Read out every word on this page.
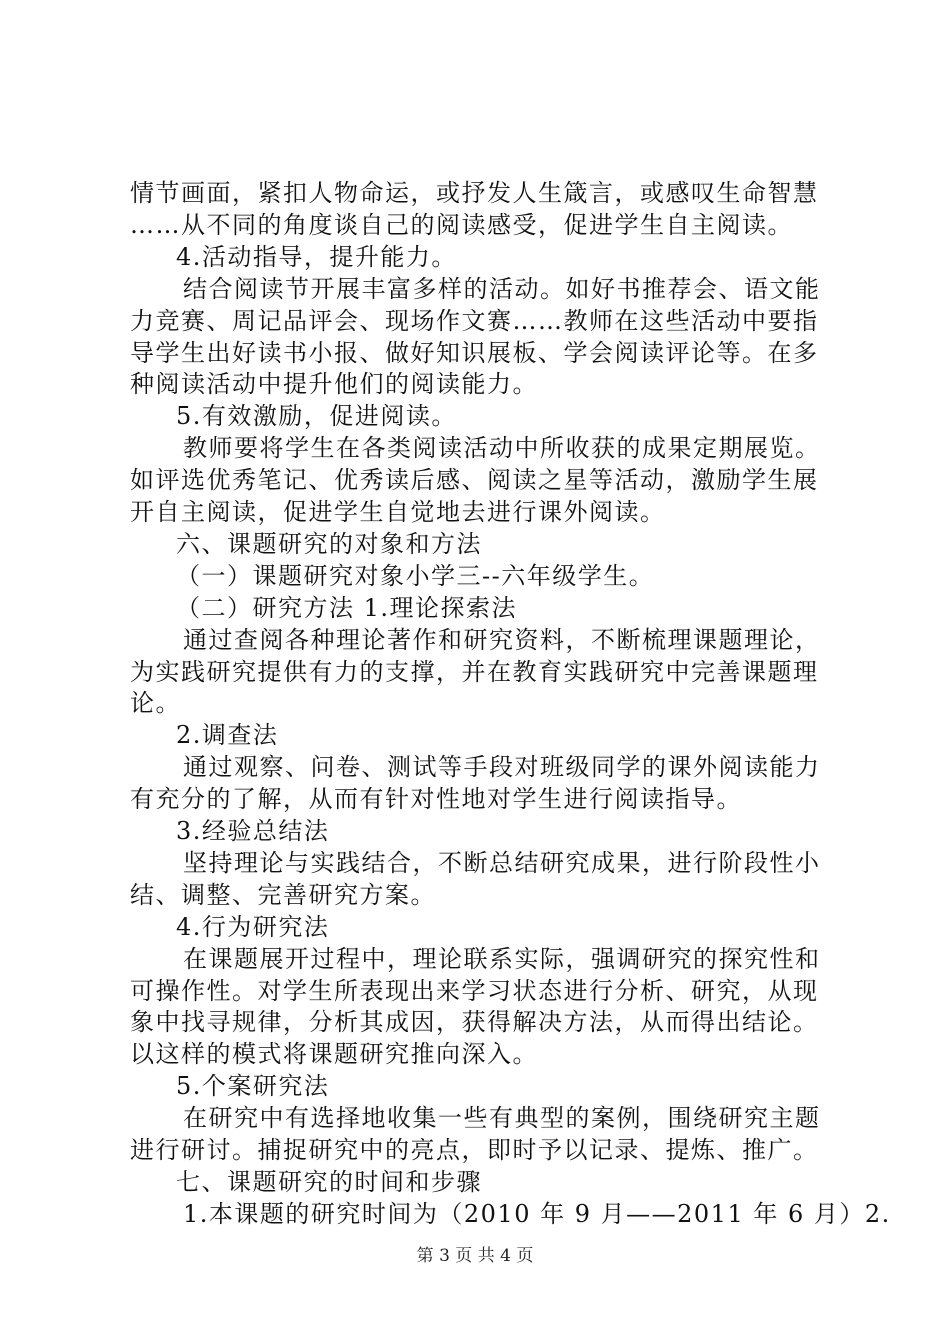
情节画面，紧扣人物命运，或抒发人生箴言，或感叹生命智慧
……从不同的角度谈自己的阅读感受，促进学生自主阅读。
4.活动指导，提升能力。
结合阅读节开展丰富多样的活动。如好书推荐会、语文能
力竞赛、周记品评会、现场作文赛……教师在这些活动中要指
导学生出好读书小报、做好知识展板、学会阅读评论等。在多
种阅读活动中提升他们的阅读能力。
5.有效激励，促进阅读。
教师要将学生在各类阅读活动中所收获的成果定期展览。
如评选优秀笔记、优秀读后感、阅读之星等活动，激励学生展
开自主阅读，促进学生自觉地去进行课外阅读。
六、课题研究的对象和方法
（一）课题研究对象小学三--六年级学生。
（二）研究方法 1.理论探索法
通过查阅各种理论著作和研究资料，不断梳理课题理论，
为实践研究提供有力的支撑，并在教育实践研究中完善课题理
论。
2.调查法
通过观察、问卷、测试等手段对班级同学的课外阅读能力
有充分的了解，从而有针对性地对学生进行阅读指导。
3.经验总结法
坚持理论与实践结合，不断总结研究成果，进行阶段性小
结、调整、完善研究方案。
4.行为研究法
在课题展开过程中，理论联系实际，强调研究的探究性和
可操作性。对学生所表现出来学习状态进行分析、研究，从现
象中找寻规律，分析其成因，获得解决方法，从而得出结论。
以这样的模式将课题研究推向深入。
5.个案研究法
在研究中有选择地收集一些有典型的案例，围绕研究主题
进行研讨。捕捉研究中的亮点，即时予以记录、提炼、推广。
七、课题研究的时间和步骤
1.本课题的研究时间为（2010 年 9 月——2011 年 6 月）2.
第 3 页 共 4 页
